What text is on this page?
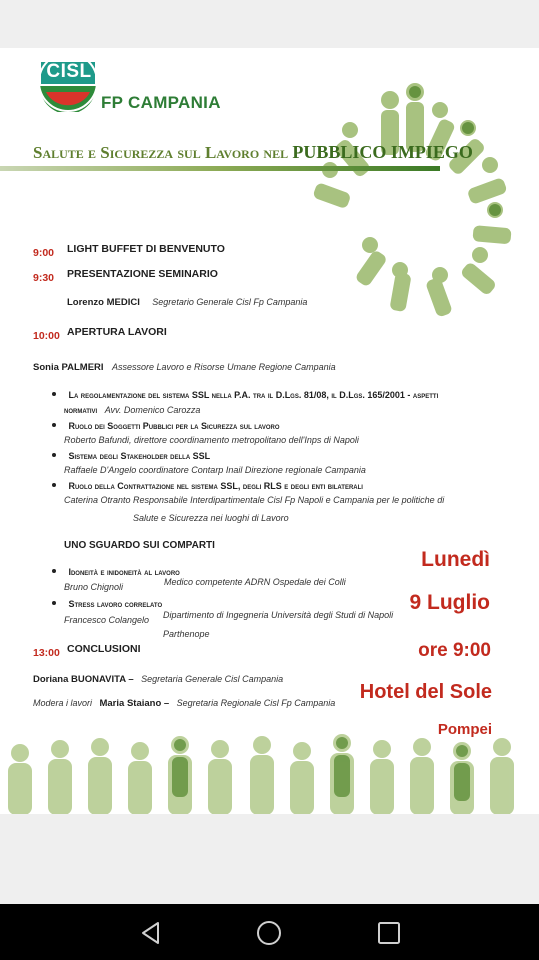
CISL
FP CAMPANIA
Salute e Sicurezza sul Lavoro nel PUBBLICO IMPIEGO
9:00 LIGHT BUFFET DI BENVENUTO
9:30 PRESENTAZIONE SEMINARIO
Lorenzo MEDICI Segretario Generale Cisl Fp Campania
10:00 APERTURA LAVORI
Sonia PALMERI Assessore Lavoro e Risorse Umane Regione Campania
La regolamentazione del sistema SSL nella P.A. tra il D.Lgs. 81/08, il D.Lgs. 165/2001 - aspetti
normativi Avv. Domenico Carozza
Ruolo dei Soggetti Pubblici per la Sicurezza sul lavoro
Roberto Bafundi, direttore coordinamento metropolitano dell'Inps di Napoli
Sistema degli Stakeholder della SSL
Raffaele D'Angelo coordinatore Contarp Inail Direzione regionale Campania
Ruolo della Contrattazione nel sistema SSL, degli RLS e degli enti bilaterali
Caterina Otranto Responsabile Interdipartimentale Cisl Fp Napoli e Campania per le politiche di
Salute e Sicurezza nei luoghi di Lavoro
UNO SGUARDO SUI COMPARTI
Idoneità e inidoneità al lavoro
Bruno Chignoli	Medico competente ADRN Ospedale dei Colli
Stress lavoro correlato
Francesco Colangelo Dipartimento di Ingegneria Università degli Studi di Napoli
Parthenope
13:00 CONCLUSIONI
Doriana BUONAVITA – Segretaria Generale Cisl Campania
Modera i lavori Maria Staiano – Segretaria Regionale Cisl Fp Campania
Lunedì
9 Luglio
ore 9:00
Hotel del Sole
Pompei
